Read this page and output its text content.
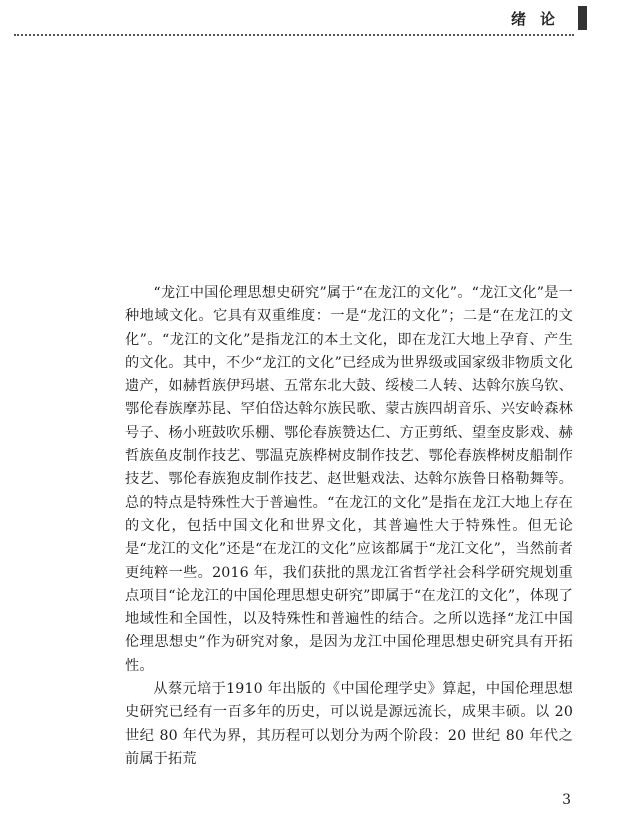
绪论

“龙江中国伦理思想史研究”属于“在龙江的文化”。“龙江文化”是一种地域文化。它具有双重维度：一是“龙江的文化”；二是“在龙江的文化”。“龙江的文化”是指龙江的本土文化，即在龙江大地上孕育、产生的文化。其中，不少“龙江的文化”已经成为世界级或国家级非物质文化遗产，如赫哲族伊玛堪、五常东北大鼓、绥棱二人转、达斡尔族乌钦、鄂伦春族摩苏昆、罕伯岱达斡尔族民歌、蒙古族四胡音乐、兴安岭森林号子、杨小班鼓吹乐棚、鄂伦春族赞达仁、方正剪纸、望奎皮影戏、赫哲族鱼皮制作技艺、鄂温克族桦树皮制作技艺、鄂伦春族桦树皮船制作技艺、鄂伦春族狍皮制作技艺、赵世魁戏法、达斡尔族鲁日格勒舞等。总的特点是特殊性大于普遍性。“在龙江的文化”是指在龙江大地上存在的文化，包括中国文化和世界文化，其普遍性大于特殊性。但无论是“龙江的文化”还是“在龙江的文化”应该都属于“龙江文化”，当然前者更纯粹一些。2016 年，我们获批的黑龙江省哲学社会科学研究规划重点项目“论龙江的中国伦理思想史研究”即属于“在龙江的文化”，体现了地域性和全国性，以及特殊性和普遍性的结合。之所以选择“龙江中国伦理思想史”作为研究对象，是因为龙江中国伦理思想史研究具有开拓性。

从蔡元培于1910 年出版的《中国伦理学史》算起，中国伦理思想史研究已经有一百多年的历史，可以说是源远流长，成果丰硕。以 20 世纪 80 年代为界，其历程可以划分为两个阶段：20 世纪 80 年代之前属于拓荒

3
